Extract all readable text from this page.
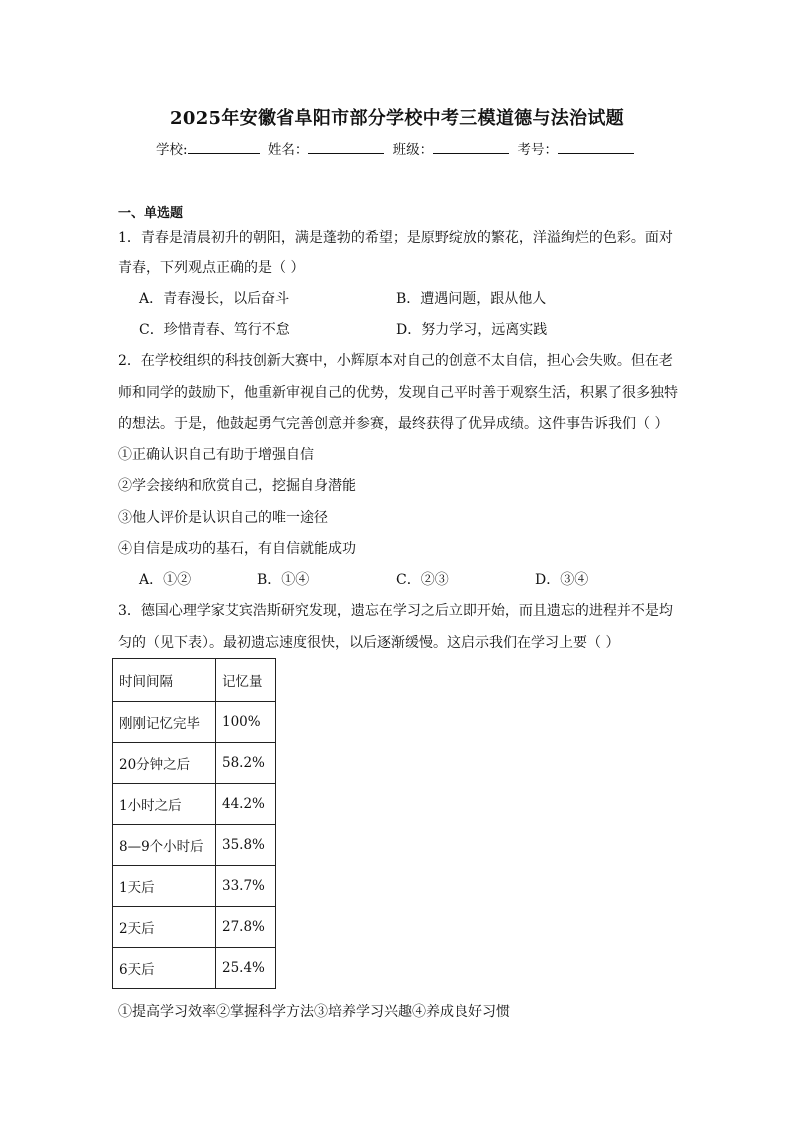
2025年安徽省阜阳市部分学校中考三模道德与法治试题
学校:	姓名：	班级：	考号：
一、单选题
1．青春是清晨初升的朝阳，满是蓬勃的希望；是原野绽放的繁花，洋溢绚烂的色彩。面对
青春，下列观点正确的是（ ）
A．青春漫长，以后奋斗	B．遭遇问题，跟从他人
C．珍惜青春、笃行不怠	D．努力学习，远离实践
2．在学校组织的科技创新大赛中，小辉原本对自己的创意不太自信，担心会失败。但在老
师和同学的鼓励下，他重新审视自己的优势，发现自己平时善于观察生活，积累了很多独特
的想法。于是，他鼓起勇气完善创意并参赛，最终获得了优异成绩。这件事告诉我们（ ）
①正确认识自己有助于增强自信
②学会接纳和欣赏自己，挖掘自身潜能
③他人评价是认识自己的唯一途径
④自信是成功的基石，有自信就能成功
A．①②	B．①④	C．②③	D．③④
3．德国心理学家艾宾浩斯研究发现，遗忘在学习之后立即开始，而且遗忘的进程并不是均
匀的（见下表）。最初遗忘速度很快，以后逐渐缓慢。这启示我们在学习上要（ ）
时间间隔	记忆量
刚刚记忆完毕	100%
20分钟之后	58.2%
1小时之后	44.2%
8—9个小时后	35.8%
1天后	33.7%
2天后	27.8%
6天后	25.4%
①提高学习效率②掌握科学方法③培养学习兴趣④养成良好习惯
